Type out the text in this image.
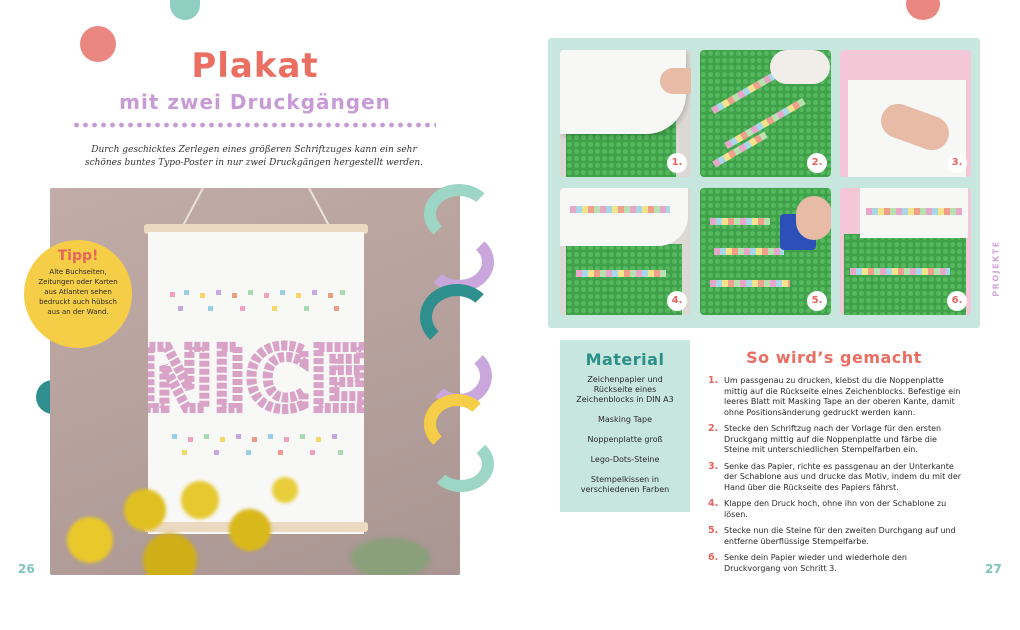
Plakat
mit zwei Druckgängen

Durch geschicktes Zerlegen eines größeren Schriftzuges kann ein sehr schönes buntes Typo-Poster in nur zwei Druckgängen hergestellt werden.

NICE
Tipp!

Alte Buchseiten, Zeitungen oder Karten aus Atlanten sehen bedruckt auch hübsch aus an der Wand.

26
1.	2.	3.
4.	5.	6.
Material

Zeichenpapier und Rückseite eines Zeichenblocks in DIN A3

Masking Tape

Noppenplatte groß

Lego-Dots-Steine

Stempelkissen in verschiedenen Farben

So wird’s gemacht
1. Um passgenau zu drucken, klebst du die Noppenplatte mittig auf die Rückseite eines Zeichenblocks. Befestige ein leeres Blatt mit Masking Tape an der oberen Kante, damit ohne Positionsänderung gedruckt werden kann.
2. Stecke den Schriftzug nach der Vorlage für den ersten Druckgang mittig auf die Noppenplatte und färbe die Steine mit unterschiedlichen Stempelfarben ein.
3. Senke das Papier, richte es passgenau an der Unterkante der Schablone aus und drucke das Motiv, indem du mit der Hand über die Rückseite des Papiers fährst.
4. Klappe den Druck hoch, ohne ihn von der Schablone zu lösen.
5. Stecke nun die Steine für den zweiten Durchgang auf und entferne überflüssige Stempelfarbe.
6. Senke dein Papier wieder und wiederhole den Druckvorgang von Schritt 3.
PROJEKTE
27
